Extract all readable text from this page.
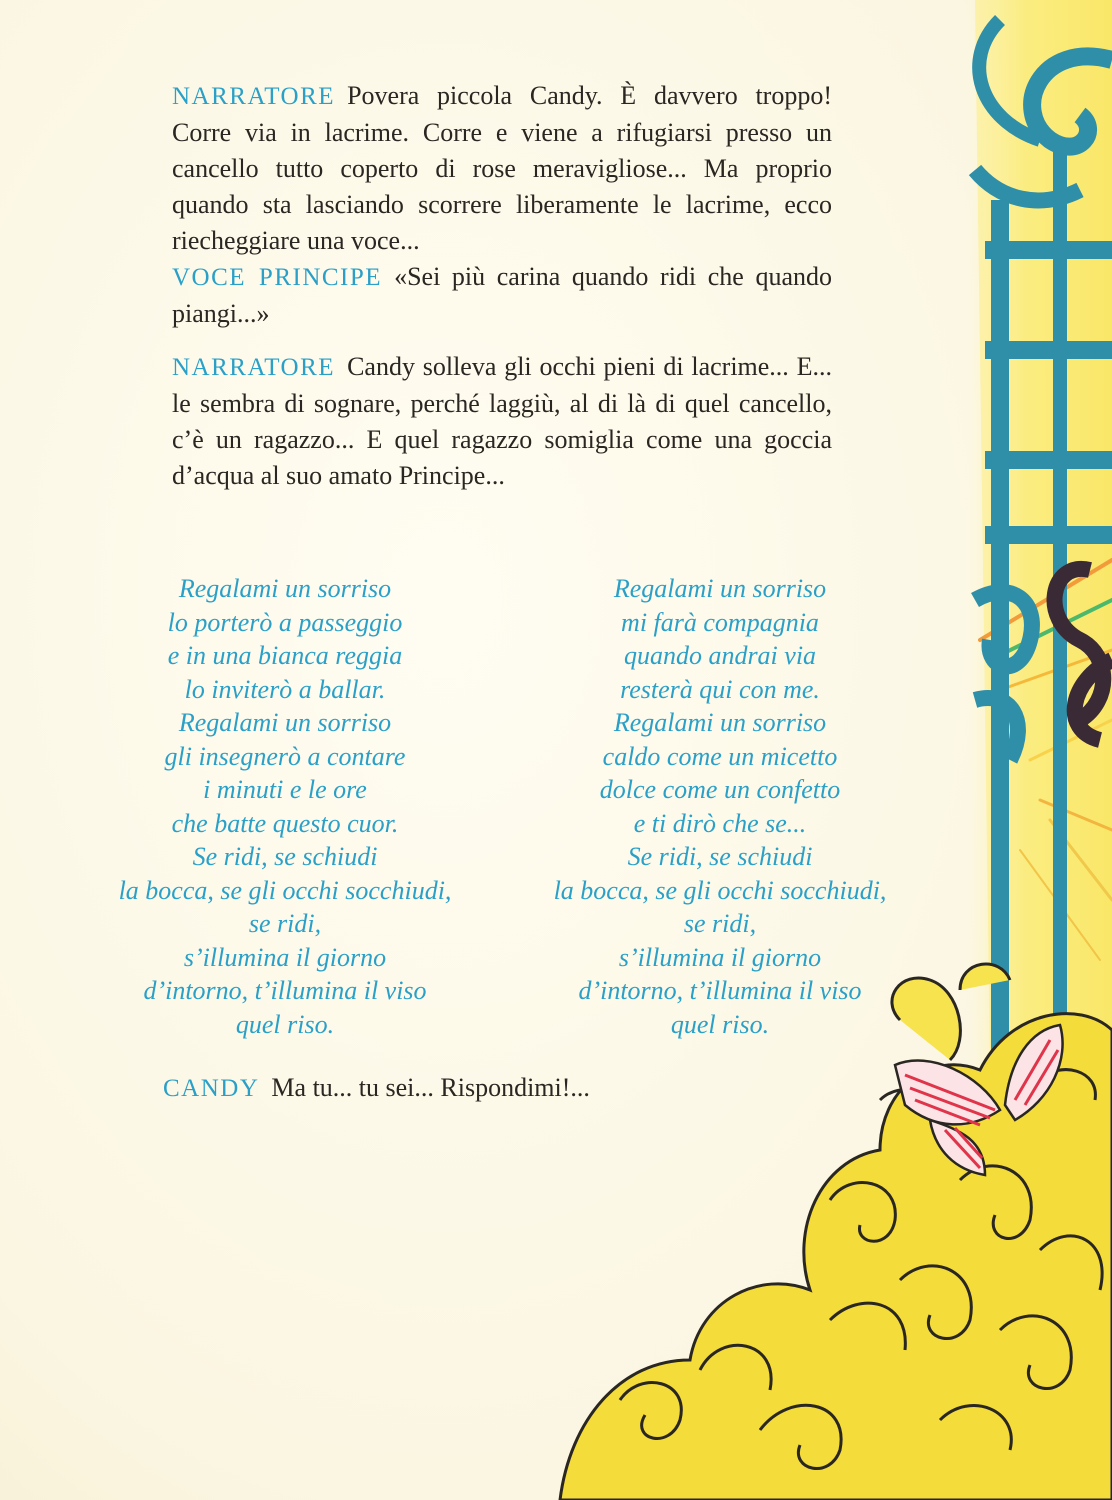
NARRATORE Povera piccola Candy. È davvero troppo! Corre via in lacrime. Corre e viene a rifugiarsi presso un cancello tutto coperto di rose meravigliose... Ma proprio quando sta lasciando scorrere liberamente le lacrime, ecco riecheggiare una voce...

VOCE PRINCIPE «Sei più carina quando ridi che quando piangi...»

NARRATORE Candy solleva gli occhi pieni di lacrime... E... le sembra di sognare, perché laggiù, al di là di quel cancello, c’è un ragazzo... E quel ragazzo somiglia come una goccia d’acqua al suo amato Principe...

Regalami un sorriso
lo porterò a passeggio
e in una bianca reggia
lo inviterò a ballar.
Regalami un sorriso
gli insegnerò a contare
i minuti e le ore
che batte questo cuor.
Se ridi, se schiudi
la bocca, se gli occhi socchiudi,
se ridi,
s’illumina il giorno
d’intorno, t’illumina il viso
quel riso.
Regalami un sorriso
mi farà compagnia
quando andrai via
resterà qui con me.
Regalami un sorriso
caldo come un micetto
dolce come un confetto
e ti dirò che se...
Se ridi, se schiudi
la bocca, se gli occhi socchiudi,
se ridi,
s’illumina il giorno
d’intorno, t’illumina il viso
quel riso.

CANDY Ma tu... tu sei... Rispondimi!...
